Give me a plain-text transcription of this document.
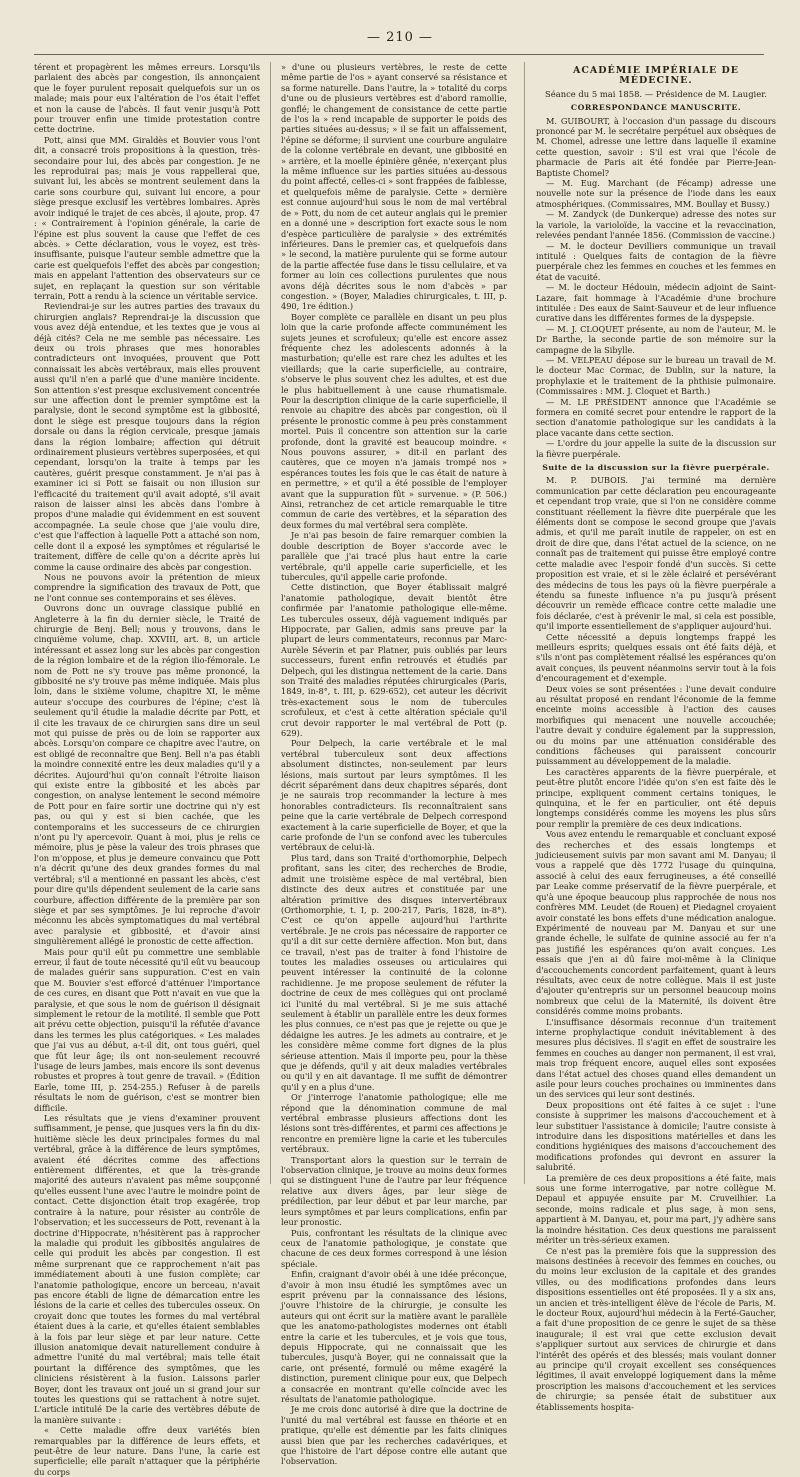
— 210 —

térent et propagèrent les mêmes erreurs. Lorsqu'ils parlaient des abcès par congestion, ils annonçaient que le foyer purulent reposait quelquefois sur un os malade; mais pour eux l'altération de l'os était l'effet et non la cause de l'abcès. Il faut venir jusqu'à Pott pour trouver enfin une timide protestation contre cette doctrine.

Pott, ainsi que MM. Giraldès et Bouvier vous l'ont dit, a consacré trois propositions à la question, très-secondaire pour lui, des abcès par congestion. Je ne les reproduirai pas; mais je vous rappellerai que, suivant lui, les abcès se montrent seulement dans la carie sons courbure qui, suivant lui encore, a pour siège presque exclusif les vertèbres lombaires. Après avoir indiqué le trajet de ces abcès, il ajoute, prop. 47 : « Contrairement à l'opinion générale, la carie de l'épine est plus souvent la cause que l'effet de ces abcès. » Cette déclaration, vous le voyez, est très-insuffisante, puisque l'auteur semble admettre que la carie est quelquefois l'effet des abcès par congestion; mais en appelant l'attention des observateurs sur ce sujet, en replaçant la question sur son véritable terrain, Pott a rendu à la science un véritable service.

Reviendrai-je sur les autres parties des travaux du chirurgien anglais? Reprendrai-je la discussion que vous avez déjà entendue, et les textes que je vous ai déjà cités? Cela ne me semble pas nécessaire. Les deux ou trois phrases que mes honorables contradicteurs ont invoquées, prouvent que Pott connaissait les abcès vertébraux, mais elles prouvent aussi qu'il n'en a parlé que d'une manière incidente. Son attention s'est presque exclusivement concentrée sur une affection dont le premier symptôme est la paralysie, dont le second symptôme est la gibbosité, dont le siège est presque toujours dans la région dorsale ou dans la région cervicale, presque jamais dans la région lombaire; affection qui détruit ordinairement plusieurs vertèbres superposées, et qui cependant, lorsqu'on la traite à temps par les cautères, guérit presque constamment. Je n'ai pas à examiner ici si Pott se faisait ou non illusion sur l'efficacité du traitement qu'il avait adopté, s'il avait raison de laisser ainsi les abcès dans l'ombre à propos d'une maladie qui évidemment en est souvent accompagnée. La seule chose que j'aie voulu dire, c'est que l'affection à laquelle Pott a attaché son nom, celle dont il a exposé les symptômes et régularisé le traitement, diffère de celle qu'on a décrite après lui comme la cause ordinaire des abcès par congestion.

Nous ne pouvons avoir la prétention de mieux comprendre la signification des travaux de Pott, que ne l'ont connue ses contemporains et ses élèves.

Ouvrons donc un ouvrage classique publié en Angleterre à la fin du dernier siècle, le Traité de chirurgie de Benj. Bell; nous y trouvons, dans le cinquième volume, chap. XXVIII, art. 8, un article intéressant et assez long sur les abcès par congestion de la région lombaire et de la région ilio-fémorale. Le nom de Pott ne s'y trouve pas même prononcé, la gibbosité ne s'y trouve pas même indiquée. Mais plus loin, dans le sixième volume, chapitre XI, le même auteur s'occupe des courbures de l'épine; c'est là seulement qu'il étudie la maladie décrite par Pott, et il cite les travaux de ce chirurgien sans dire un seul mot qui puisse de près ou de loin se rapporter aux abcès. Lorsqu'on compare ce chapitre avec l'autre, on est obligé de reconnaître que Benj. Bell n'a pas établi la moindre connexité entre les deux maladies qu'il y a décrites. Aujourd'hui qu'on connaît l'étroite liaison qui existe entre la gibbosité et les abcès par congestion, on analyse lentement le second mémoire de Pott pour en faire sortir une doctrine qui n'y est pas, ou qui y est si bien cachée, que les contemporains et les successeurs de ce chirurgien n'ont pu l'y apercevoir. Quant à moi, plus je relis ce mémoire, plus je pèse la valeur des trois phrases que l'on m'oppose, et plus je demeure convaincu que Pott n'a décrit qu'une des deux grandes formes du mal vertébral; s'il a mentionné en passant les abcès, c'est pour dire qu'ils dépendent seulement de la carie sans courbure, affection différente de la première par son siège et par ses symptômes. Je lui reproche d'avoir méconnu les abcès symptomatiques du mal vertébral avec paralysie et gibbosité, et d'avoir ainsi singulièrement allégé le pronostic de cette affection.

Mais pour qu'il eût pu commettre une semblable erreur, il faut de toute nécessité qu'il eût vu beaucoup de malades guérir sans suppuration. C'est en vain que M. Bouvier s'est efforcé d'atténuer l'importance de ces cures, en disant que Pott n'avait en vue que la paralysie, et que sous le nom de guérison il désignait simplement le retour de la motilité. Il semble que Pott ait prévu cette objection, puisqu'il la réfutée d'avance dans les termes les plus catégoriques. « Les malades que j'ai vus au début, a-t-il dit, ont tous guéri, quel que fût leur âge; ils ont non-seulement recouvré l'usage de leurs jambes, mais encore ils sont devenus robustes et propres à tout genre de travail. » (Édition Earle, tome III, p. 254-255.) Refuser à de pareils résultats le nom de guérison, c'est se montrer bien difficile.

Les résultats que je viens d'examiner prouvent suffisamment, je pense, que jusques vers la fin du dix-huitième siècle les deux principales formes du mal vertébral, grâce à la différence de leurs symptômes, avaient été décrites comme des affections entièrement différentes, et que la très-grande majorité des auteurs n'avaient pas même soupçonné qu'elles eussent l'une avec l'autre le moindre point de contact. Cette disjonction était trop exagérée, trop contraire à la nature, pour résister au contrôle de l'observation; et les successeurs de Pott, revenant à la doctrine d'Hippocrate, n'hésitèrent pas à rapprocher la maladie qui produit les gibbosités angulaires de celle qui produit les abcès par congestion. Il est même surprenant que ce rapprochement n'ait pas immédiatement abouti à une fusion complète; car l'anatomie pathologique, encore un berceau, n'avait pas encore établi de ligne de démarcation entre les lésions de la carie et celles des tubercules osseux. On croyait donc que toutes les formes du mal vertébral étaient dues à la carie, et qu'elles étaient semblables à la fois par leur siège et par leur nature. Cette illusion anatomique devait naturellement conduire à admettre l'unité du mal vertébral; mais telle était pourtant la différence des symptômes, que les cliniciens résistèrent à la fusion. Laissons parler Boyer, dont les travaux ont joué un si grand jour sur toutes les questions qui se rattachent à notre sujet. L'article intitulé De la carie des vertèbres débute de la manière suivante :

« Cette maladie offre deux variétés bien remarquables par la différence de leurs effets, et peut-être de leur nature. Dans l'une, la carie est superficielle; elle paraît n'attaquer que la périphérie du corps

» d'une ou plusieurs vertèbres, le reste de cette même partie de l'os » ayant conservé sa résistance et sa forme naturelle. Dans l'autre, la » totalité du corps d'une ou de plusieurs vertèbres est d'abord ramollie, gonflé; le changement de consistance de cette partie de l'os la » rend incapable de supporter le poids des parties situées au-dessus; » il se fait un affaissement, l'épine se déforme; il survient une courbure angulaire de la colonne vertébrale en devant, une gibbosité en » arrière, et la moelle épinière gênée, n'exerçant plus la même influence sur les parties situées au-dessous du point affecté, celles-ci » sont frappées de faiblesse, et quelquefois même de paralysie. Cette » dernière est connue aujourd'hui sous le nom de mal vertébral de » Pott, du nom de cet auteur anglais qui le premier en a donné une » description fort exacte sous le nom d'espèce particulière de paralysie » des extrémités inférieures. Dans le premier cas, et quelquefois dans » le second, la matière purulente qui se forme autour de la partie affectée fuse dans le tissu cellulaire, et va former au loin ces collections purulentes que nous avons déjà décrites sous le nom d'abcès » par congestion. » (Boyer, Maladies chirurgicales, t. III, p. 490, 1re édition.)

Boyer complète ce parallèle en disant un peu plus loin que la carie profonde affecte communément les sujets jeunes et scrofuleux; qu'elle est encore assez fréquente chez les adolescents adonnés à la masturbation; qu'elle est rare chez les adultes et les vieillards; que la carie superficielle, au contraire, s'observe le plus souvent chez les adultes, et est due le plus habituellement à une cause rhumatismale. Pour la description clinique de la carie superficielle, il renvoie au chapitre des abcès par congestion, où il présente le pronostic comme à peu près constamment mortel. Puis il concentre son attention sur la carie profonde, dont la gravité est beaucoup moindre. « Nous pouvons assurer, » dit-il en parlant des cautères, que ce moyen n'a jamais trompé nos » espérances toutes les fois que le cas était de nature à en permettre, » et qu'il a été possible de l'employer avant que la suppuration fût » survenue. » (P. 506.) Ainsi, retranchez de cet article remarquable le titre commun de carie des vertèbres, et la séparation des deux formes du mal vertébral sera complète.

Je n'ai pas besoin de faire remarquer combien la double description de Boyer s'accorde avec le parallèle que j'ai tracé plus haut entre la carie vertébrale, qu'il appelle carie superficielle, et les tubercules, qu'il appelle carie profonde.

Cette distinction, que Boyer établissait malgré l'anatomie pathologique, devait bientôt être confirmée par l'anatomie pathologique elle-même. Les tubercules osseux, déjà vaguement indiqués par Hippocrate, par Galien, admis sans preuve par la plupart de leurs commentateurs, reconnus par Marc-Aurèle Séverin et par Platner, puis oubliés par leurs successeurs, furent enfin retrouvés et étudiés par Delpech, qui les distingua nettement de la carie. Dans son Traité des maladies réputées chirurgicales (Paris, 1849, in-8°, t. III, p. 629-652), cet auteur les décrivit très-exactement sous le nom de tubercules scrofuleux, et c'est à cette altération spéciale qu'il crut devoir rapporter le mal vertébral de Pott (p. 629).

Pour Delpech, la carie vertébrale et le mal vertébral tuberculeux sont deux affections absolument distinctes, non-seulement par leurs lésions, mais surtout par leurs symptômes. Il les décrit séparément dans deux chapitres séparés, dont je ne saurais trop recommander la lecture à mes honorables contradicteurs. Ils reconnaîtraient sans peine que la carie vertébrale de Delpech correspond exactement à la carie superficielle de Boyer, et que la carie profonde de l'un se confond avec les tubercules vertébraux de celui-là.

Plus tard, dans son Traité d'orthomorphie, Delpech profitant, sans les citer, des recherches de Brodie, admit une troisième espèce de mal vertébral, bien distincte des deux autres et constituée par une altération primitive des disques intervertébraux (Orthomorphie, t. I, p. 200-217, Paris, 1828, in-8°). C'est ce qu'on appelle aujourd'hui l'arthrite vertébrale. Je ne crois pas nécessaire de rapporter ce qu'il a dit sur cette dernière affection. Mon but, dans ce travail, n'est pas de traiter à fond l'histoire de toutes les maladies osseuses ou articulaires qui peuvent intéresser la continuité de la colonne rachidienne. Je me propose seulement de réfuter la doctrine de ceux de mes collègues qui ont proclamé ici l'unité du mal vertébral. Si je me suis attaché seulement à établir un parallèle entre les deux formes les plus connues, ce n'est pas que je rejette ou que je dédaigne les autres. Je les admets au contraire, et je les considère même comme fort dignes de la plus sérieuse attention. Mais il importe peu, pour la thèse que je défends, qu'il y ait deux maladies vertébrales ou qu'il y en ait davantage. Il me suffit de démontrer qu'il y en a plus d'une.

Or j'interroge l'anatomie pathologique; elle me répond que la dénomination commune de mal vertébral embrasse plusieurs affections dont les lésions sont très-différentes, et parmi ces affections je rencontre en première ligne la carie et les tubercules vertébraux.

Transportant alors la question sur le terrain de l'observation clinique, je trouve au moins deux formes qui se distinguent l'une de l'autre par leur fréquence relative aux divers âges, par leur siège de prédilection, par leur début et par leur marche, par leurs symptômes et par leurs complications, enfin par leur pronostic.

Puis, confrontant les résultats de la clinique avec ceux de l'anatomie pathologique, je constate que chacune de ces deux formes correspond à une lésion spéciale.

Enfin, craignant d'avoir obéi à une idée préconçue, d'avoir à mon insu étudié les symptômes avec un esprit prévenu par la connaissance des lésions, j'ouvre l'histoire de la chirurgie, je consulte les auteurs qui ont écrit sur la matière avant le parallèle que les anatomo-pathologistes modernes ont établi entre la carie et les tubercules, et je vois que tous, depuis Hippocrate, qui ne connaissait que les tubercules, jusqu'à Boyer, qui ne connaissait que la carie, ont présenté, formulé ou même exagéré la distinction, purement clinique pour eux, que Delpech a consacrée en montrant qu'elle coïncide avec les résultats de l'anatomie pathologique.

Je me crois donc autorisé à dire que la doctrine de l'unité du mal vertébral est fausse en théorie et en pratique, qu'elle est démentie par les faits cliniques aussi bien que par les recherches cadavériques, et que l'histoire de l'art dépose contre elle autant que l'observation.

ACADÉMIE IMPÉRIALE DE MÉDECINE.
Séance du 5 mai 1858. — Présidence de M. Laugier.
CORRESPONDANCE MANUSCRITE.

M. GUIBOURT, à l'occasion d'un passage du discours prononcé par M. le secrétaire perpétuel aux obsèques de M. Chomel, adresse une lettre dans laquelle il examine cette question, savoir : S'il est vrai que l'école de pharmacie de Paris ait été fondée par Pierre-Jean-Baptiste Chomel?

— M. Eug. Marchant (de Fécamp) adresse une nouvelle note sur la présence de l'iode dans les eaux atmosphériques. (Commissaires, MM. Boullay et Bussy.)

— M. Zandyck (de Dunkerque) adresse des notes sur la variole, la varioloïde, la vaccine et la revaccination, relevées pendant l'année 1856. (Commission de vaccine.)

— M. le docteur Devilliers communique un travail intitulé : Quelques faits de contagion de la fièvre puerpérale chez les femmes en couches et les femmes en état de vacuité.

— M. le docteur Hédouin, médecin adjoint de Saint-Lazare, fait hommage à l'Académie d'une brochure intitulée : Des eaux de Saint-Sauveur et de leur influence curative dans les différentes formes de la dyspepsie.

— M. J. CLOQUET présente, au nom de l'auteur, M. le Dr Barthe, la seconde partie de son mémoire sur la campagne de la Sibylle.

— M. VELPEAU dépose sur le bureau un travail de M. le docteur Mac Cormac, de Dublin, sur la nature, la prophylaxie et le traitement de la phthisie pulmonaire. (Commissaires : MM. J. Cloquet et Barth.)

— M. LE PRÉSIDENT annonce que l'Académie se formera en comité secret pour entendre le rapport de la section d'anatomie pathologique sur les candidats à la place vacante dans cette section.

— L'ordre du jour appelle la suite de la discussion sur la fièvre puerpérale.

Suite de la discussion sur la fièvre puerpérale.

M. P. DUBOIS. J'ai terminé ma dernière communication par cette déclaration peu encourageante et cependant trop vraie, que si l'on ne considère comme constituant réellement la fièvre dite puerpérale que les éléments dont se compose le second groupe que j'avais admis, et qu'il me paraît inutile de rappeler, on est en droit de dire que, dans l'état actuel de la science, on ne connaît pas de traitement qui puisse être employé contre cette maladie avec l'espoir fondé d'un succès. Si cette proposition est vraie, et si le zèle éclairé et persévérant des médecins de tous les pays où la fièvre puerpérale a étendu sa funeste influence n'a pu jusqu'à présent découvrir un remède efficace contre cette maladie une fois déclarée, c'est à prévenir le mal, si cela est possible, qu'il importe essentiellement de s'appliquer aujourd'hui.

Cette nécessité a depuis longtemps frappé les meilleurs esprits; quelques essais ont été faits déjà, et s'ils n'ont pas complètement réalisé les espérances qu'on avait conçues, ils peuvent néanmoins servir tout à la fois d'encouragement et d'exemple.

Deux voies se sont présentées : l'une devait conduire au résultat proposé en rendant l'économie de la femme enceinte moins accessible à l'action des causes morbifiques qui menacent une nouvelle accouchée; l'autre devait y conduire également par la suppression, ou du moins par une atténuation considérable des conditions fâcheuses qui paraissent concourir puissamment au développement de la maladie.

Les caractères apparents de la fièvre puerpérale, et peut-être plutôt encore l'idée qu'on s'en est faite dès le principe, expliquent comment certains toniques, le quinquina, et le fer en particulier, ont été depuis longtemps considérés comme les moyens les plus sûrs pour remplir la première de ces deux indications.

Vous avez entendu le remarquable et concluant exposé des recherches et des essais longtemps et judicieusement suivis par mon savant ami M. Danyau; il vous a rappelé que dès 1772 l'usage du quinquina, associé à celui des eaux ferrugineuses, a été conseillé par Leake comme préservatif de la fièvre puerpérale, et qu'à une époque beaucoup plus rapprochée de nous nos confrères MM. Leudet (de Rouen) et Piedagnel croyaient avoir constaté les bons effets d'une médication analogue. Expérimenté de nouveau par M. Danyau et sur une grande échelle, le sulfate de quinine associé au fer n'a pas justifié les espérances qu'on avait conçues. Les essais que j'en ai dû faire moi-même à la Clinique d'accouchements concordent parfaitement, quant à leurs résultats, avec ceux de notre collègue. Mais il est juste d'ajouter qu'entrepris sur un personnel beaucoup moins nombreux que celui de la Maternité, ils doivent être considérés comme moins probants.

L'insuffisance désormais reconnue d'un traitement interne prophylactique conduit inévitablement à des mesures plus décisives. Il s'agit en effet de soustraire les femmes en couches au danger non permanent, il est vrai, mais trop fréquent encore, auquel elles sont exposées dans l'état actuel des choses quand elles demandent un asile pour leurs couches prochaines ou imminentes dans un des services qui leur sont destinés.

Deux propositions ont été faites à ce sujet : l'une consiste à supprimer les maisons d'accouchement et à leur substituer l'assistance à domicile; l'autre consiste à introduire dans les dispositions matérielles et dans les conditions hygiéniques des maisons d'accouchement des modifications profondes qui devront en assurer la salubrité.

La première de ces deux propositions a été faite, mais sous une forme interrogative, par notre collègue M. Depaul et appuyée ensuite par M. Cruveilhier. La seconde, moins radicale et plus sage, à mon sens, appartient à M. Danyau, et, pour ma part, j'y adhère sans la moindre hésitation. Ces deux questions me paraissent mériter un très-sérieux examen.

Ce n'est pas la première fois que la suppression des maisons destinées à recevoir des femmes en couches, ou du moins leur exclusion de la capitale et des grandes villes, ou des modifications profondes dans leurs dispositions essentielles ont été proposées. Il y a six ans, un ancien et très-intelligent élève de l'école de Paris, M. le docteur Roux, aujourd'hui médecin à la Ferté-Gaucher, a fait d'une proposition de ce genre le sujet de sa thèse inaugurale; il est vrai que cette exclusion devait s'appliquer surtout aux services de chirurgie et dans l'intérêt des opérés et des blessés; mais voulant donner au principe qu'il croyait excellent ses conséquences légitimes, il avait enveloppé logiquement dans la même proscription les maisons d'accouchement et les services de chirurgie; sa pensée était de substituer aux établissements hospita-
